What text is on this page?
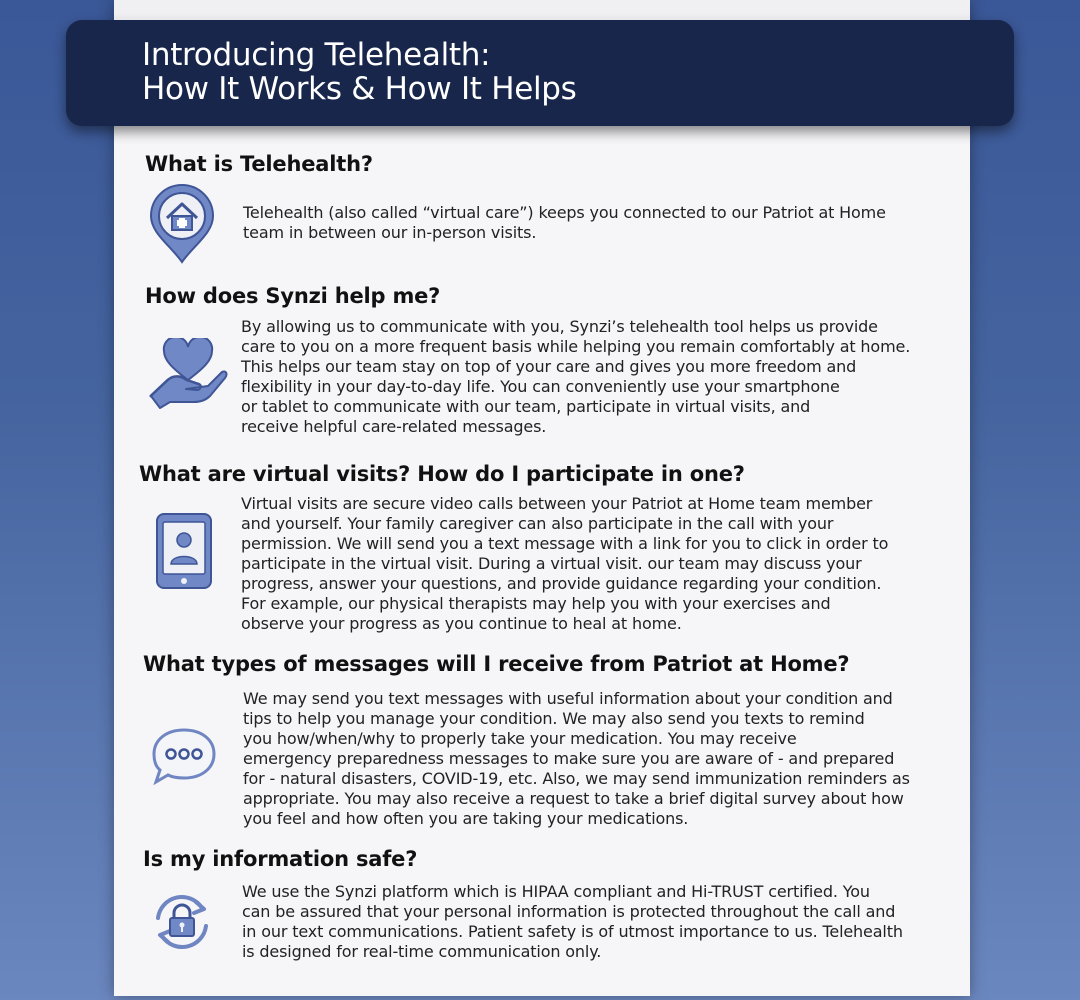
Introducing Telehealth:
How It Works & How It Helps
What is Telehealth?
Telehealth (also called “virtual care”) keeps you connected to our Patriot at Home
team in between our in-person visits.
How does Synzi help me?
By allowing us to communicate with you, Synzi’s telehealth tool helps us provide
care to you on a more frequent basis while helping you remain comfortably at home.
This helps our team stay on top of your care and gives you more freedom and
flexibility in your day-to-day life. You can conveniently use your smartphone
or tablet to communicate with our team, participate in virtual visits, and
receive helpful care-related messages.
What are virtual visits? How do I participate in one?
Virtual visits are secure video calls between your Patriot at Home team member
and yourself. Your family caregiver can also participate in the call with your
permission. We will send you a text message with a link for you to click in order to
participate in the virtual visit. During a virtual visit. our team may discuss your
progress, answer your questions, and provide guidance regarding your condition.
For example, our physical therapists may help you with your exercises and
observe your progress as you continue to heal at home.
What types of messages will I receive from Patriot at Home?
We may send you text messages with useful information about your condition and
tips to help you manage your condition. We may also send you texts to remind
you how/when/why to properly take your medication. You may receive
emergency preparedness messages to make sure you are aware of - and prepared
for - natural disasters, COVID-19, etc. Also, we may send immunization reminders as
appropriate. You may also receive a request to take a brief digital survey about how
you feel and how often you are taking your medications.
Is my information safe?
We use the Synzi platform which is HIPAA compliant and Hi-TRUST certified. You
can be assured that your personal information is protected throughout the call and
in our text communications. Patient safety is of utmost importance to us. Telehealth
is designed for real-time communication only.
